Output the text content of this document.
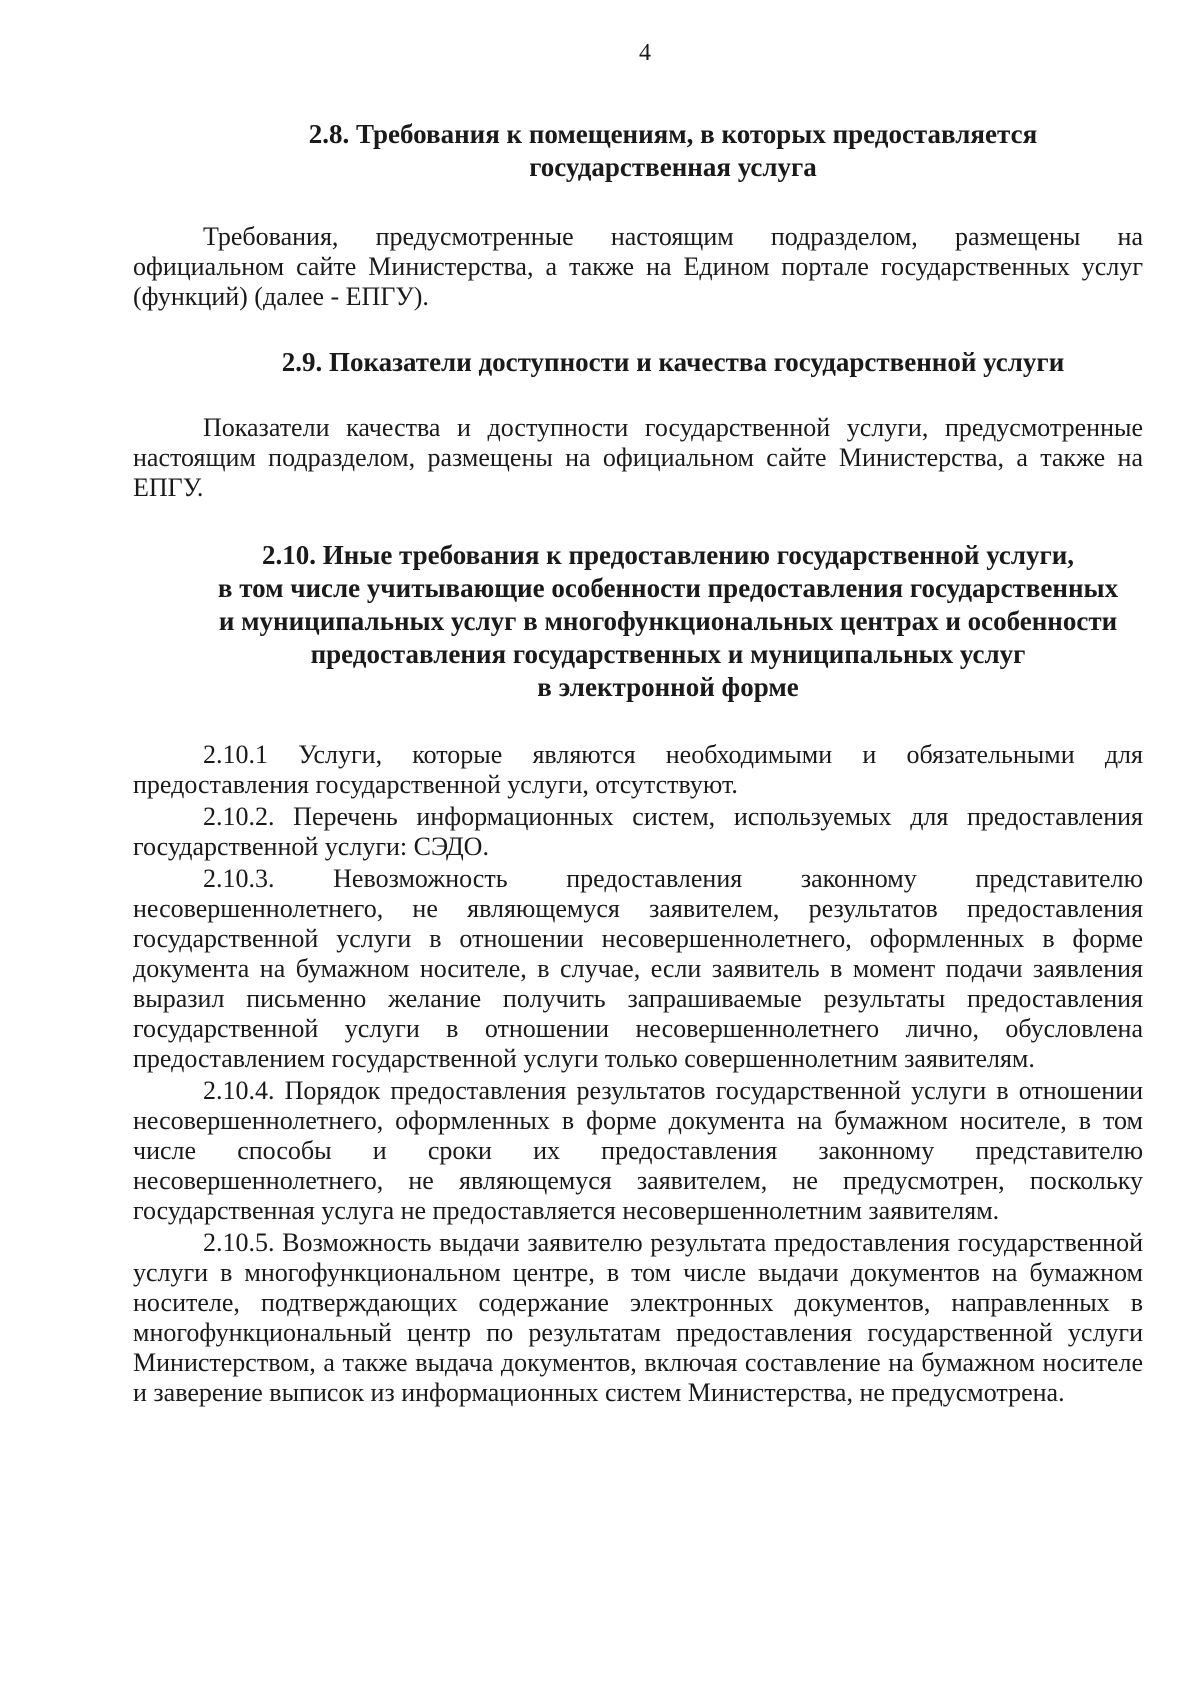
4
2.8. Требования к помещениям, в которых предоставляется
государственная услуга

Требования, предусмотренные настоящим подразделом, размещены на официальном сайте Министерства, а также на Едином портале государственных услуг (функций) (далее - ЕПГУ).

2.9. Показатели доступности и качества государственной услуги

Показатели качества и доступности государственной услуги, предусмотренные настоящим подразделом, размещены на официальном сайте Министерства, а также на ЕПГУ.

2.10. Иные требования к предоставлению государственной услуги,
в том числе учитывающие особенности предоставления государственных
и муниципальных услуг в многофункциональных центрах и особенности
предоставления государственных и муниципальных услуг
в электронной форме

2.10.1 Услуги, которые являются необходимыми и обязательными для предоставления государственной услуги, отсутствуют.

2.10.2. Перечень информационных систем, используемых для предоставления государственной услуги: СЭДО.

2.10.3. Невозможность предоставления законному представителю несовершеннолетнего, не являющемуся заявителем, результатов предоставления государственной услуги в отношении несовершеннолетнего, оформленных в форме документа на бумажном носителе, в случае, если заявитель в момент подачи заявления выразил письменно желание получить запрашиваемые результаты предоставления государственной услуги в отношении несовершеннолетнего лично, обусловлена предоставлением государственной услуги только совершеннолетним заявителям.

2.10.4. Порядок предоставления результатов государственной услуги в отношении несовершеннолетнего, оформленных в форме документа на бумажном носителе, в том числе способы и сроки их предоставления законному представителю несовершеннолетнего, не являющемуся заявителем, не предусмотрен, поскольку государственная услуга не предоставляется несовершеннолетним заявителям.

2.10.5. Возможность выдачи заявителю результата предоставления государственной услуги в многофункциональном центре, в том числе выдачи документов на бумажном носителе, подтверждающих содержание электронных документов, направленных в многофункциональный центр по результатам предоставления государственной услуги Министерством, а также выдача документов, включая составление на бумажном носителе и заверение выписок из информационных систем Министерства, не предусмотрена.
